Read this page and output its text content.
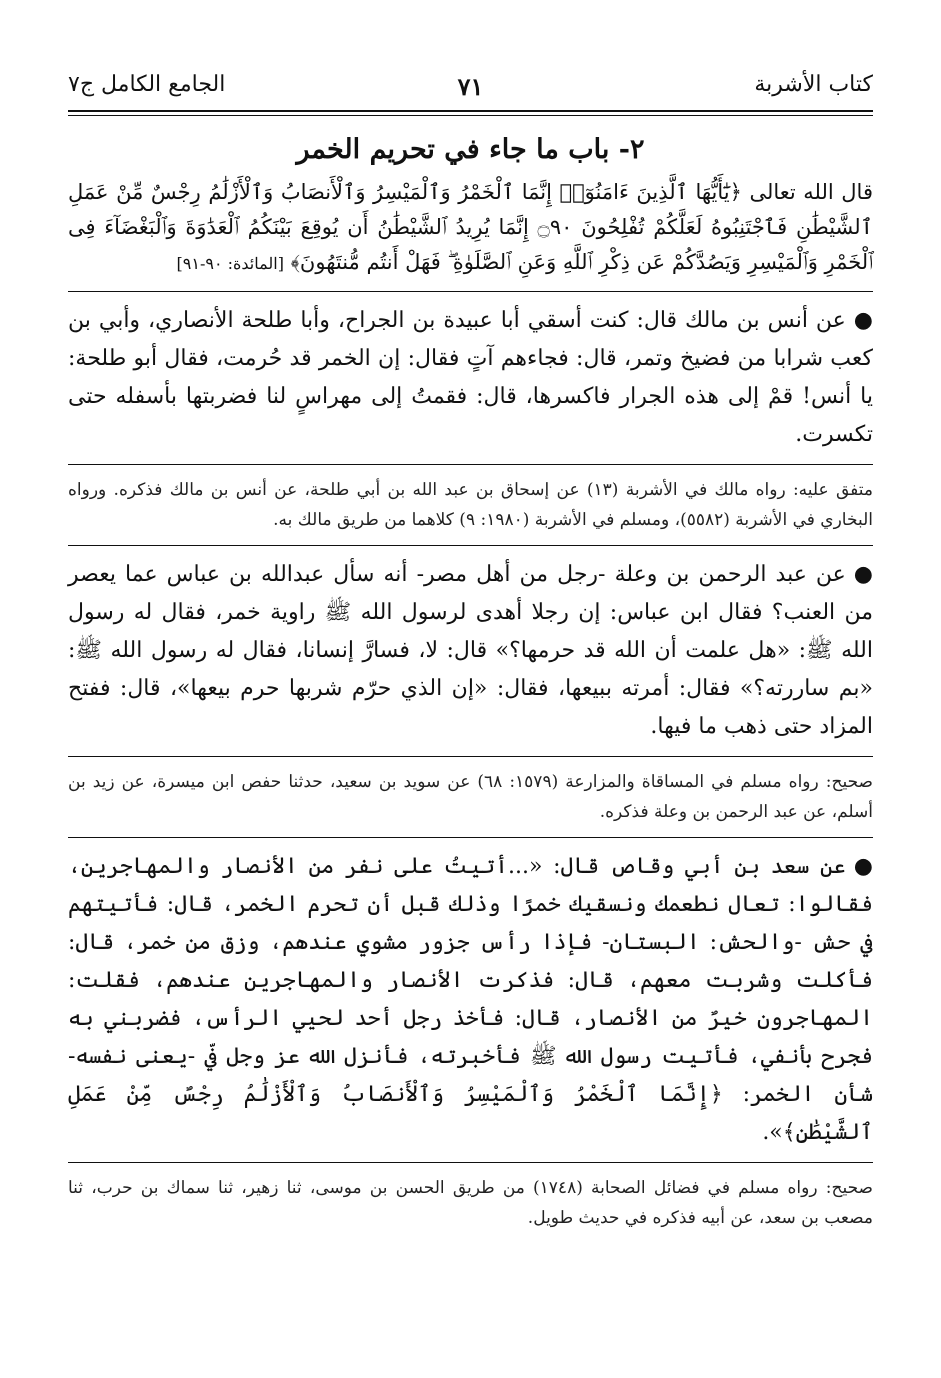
كتاب الأشربة
٧١
الجامع الكامل ج٧
٢- باب ما جاء في تحريم الخمر

قال الله تعالى ﴿يَٰٓأَيُّهَا ٱلَّذِينَ ءَامَنُوٓا۟ إِنَّمَا ٱلْخَمْرُ وَٱلْمَيْسِرُ وَٱلْأَنصَابُ وَٱلْأَزْلَٰمُ رِجْسٌ مِّنْ عَمَلِ ٱلشَّيْطَٰنِ فَٱجْتَنِبُوهُ لَعَلَّكُمْ تُفْلِحُونَ ۝٩٠ إِنَّمَا يُرِيدُ ٱلشَّيْطَٰنُ أَن يُوقِعَ بَيْنَكُمُ ٱلْعَدَٰوَةَ وَٱلْبَغْضَآءَ فِى ٱلْخَمْرِ وَٱلْمَيْسِرِ وَيَصُدَّكُمْ عَن ذِكْرِ ٱللَّهِ وَعَنِ ٱلصَّلَوٰةِ ۖ فَهَلْ أَنتُم مُّنتَهُونَ﴾ [المائدة: ٩٠-٩١]

●عن أنس بن مالك قال: كنت أسقي أبا عبيدة بن الجراح، وأبا طلحة الأنصاري، وأبي بن كعب شرابا من فضيخ وتمر، قال: فجاءهم آتٍ فقال: إن الخمر قد حُرمت، فقال أبو طلحة: يا أنس! قمْ إلى هذه الجرار فاكسرها، قال: فقمتُ إلى مهراسٍ لنا فضربتها بأسفله حتى تكسرت.

متفق عليه: رواه مالك في الأشربة (١٣) عن إسحاق بن عبد الله بن أبي طلحة، عن أنس بن مالك فذكره. ورواه البخاري في الأشربة (٥٥٨٢)، ومسلم في الأشربة (١٩٨٠: ٩) كلاهما من طريق مالك به.

●عن عبد الرحمن بن وعلة -رجل من أهل مصر- أنه سأل عبدالله بن عباس عما يعصر من العنب؟ فقال ابن عباس: إن رجلا أهدى لرسول الله ﷺ راوية خمر، فقال له رسول الله ﷺ: «هل علمت أن الله قد حرمها؟» قال: لا، فسارَّ إنسانا، فقال له رسول الله ﷺ: «بم ساررته؟» فقال: أمرته ببيعها، فقال: «إن الذي حرّم شربها حرم بيعها»، قال: ففتح المزاد حتى ذهب ما فيها.

صحيح: رواه مسلم في المساقاة والمزارعة (١٥٧٩: ٦٨) عن سويد بن سعيد، حدثنا حفص ابن ميسرة، عن زيد بن أسلم، عن عبد الرحمن بن وعلة فذكره.

●عن سعد بن أبي وقاص قال: «...أتيتُ على نفر من الأنصار والمهاجرين، فقالوا: تعال نطعمك ونسقيك خمرًا وذلك قبل أن تحرم الخمر، قال: فأتيتهم في حش -والحش: البستان- فإذا رأس جزور مشوي عندهم، وزق من خمر، قال: فأكلت وشربت معهم، قال: فذكرت الأنصار والمهاجرين عندهم، فقلت: المهاجرون خيرٌ من الأنصار، قال: فأخذ رجل أحد لحيي الرأس، فضربني به فجرح بأنفي، فأتيت رسول الله ﷺ فأخبرته، فأنزل الله عز وجل فيّ -يعنى نفسه- شأن الخمر: ﴿إِنَّمَا ٱلْخَمْرُ وَٱلْمَيْسِرُ وَٱلْأَنصَابُ وَٱلْأَزْلَٰمُ رِجْسٌ مِّنْ عَمَلِ ٱلشَّيْطَٰنِ﴾».

صحيح: رواه مسلم في فضائل الصحابة (١٧٤٨) من طريق الحسن بن موسى، ثنا زهير، ثنا سماك بن حرب، ثنا مصعب بن سعد، عن أبيه فذكره في حديث طويل.
